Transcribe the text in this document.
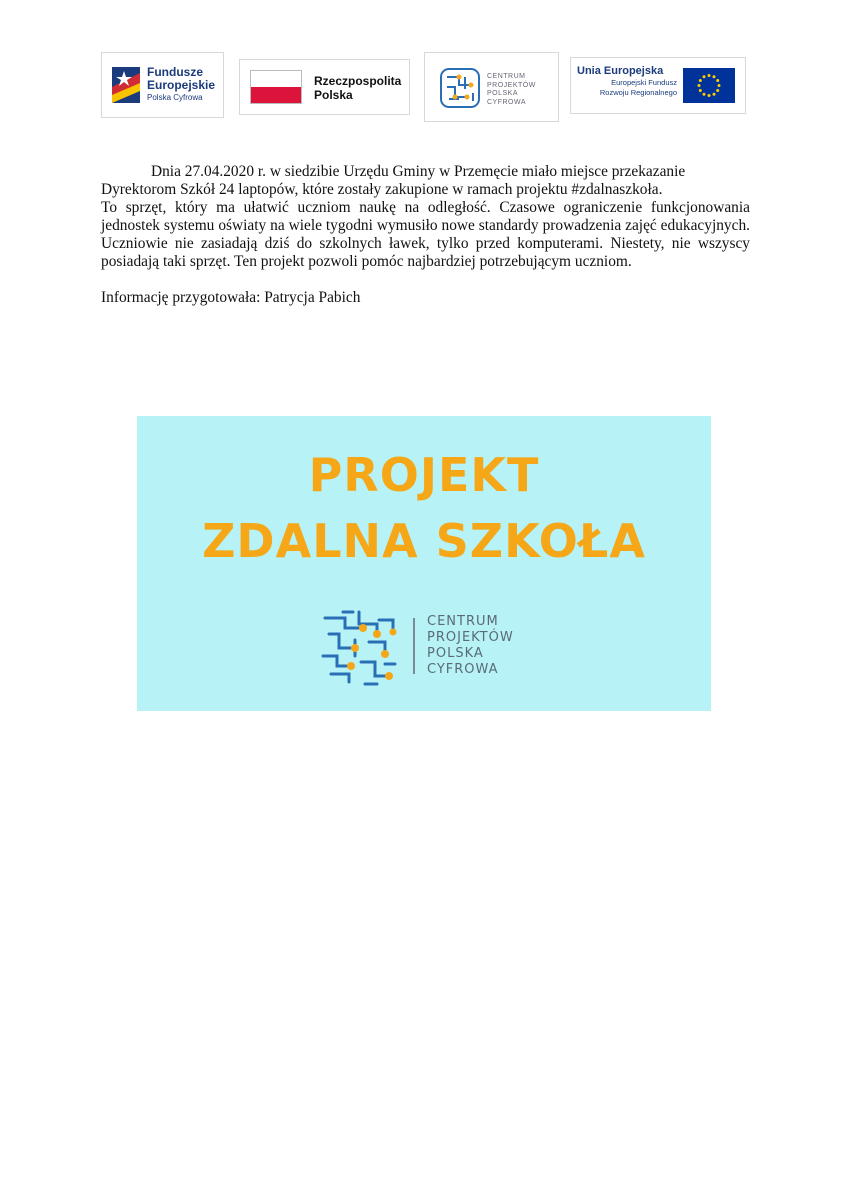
Fundusze
Europejskie
Polska Cyfrowa
Rzeczpospolita
Polska
CENTRUM
PROJEKTÓW
POLSKA
CYFROWA
Unia Europejska
Europejski Fundusz
Rozwoju Regionalnego

Dnia 27.04.2020 r. w siedzibie Urzędu Gminy w Przemęcie miało miejsce przekazanie Dyrektorom Szkół 24 laptopów, które zostały zakupione w ramach projektu #zdalnaszkoła.

To sprzęt, który ma ułatwić uczniom naukę na odległość. Czasowe ograniczenie funkcjonowania jednostek systemu oświaty na wiele tygodni wymusiło nowe standardy prowadzenia zajęć edukacyjnych. Uczniowie nie zasiadają dziś do szkolnych ławek, tylko przed komputerami. Niestety, nie wszyscy posiadają taki sprzęt. Ten projekt pozwoli pomóc najbardziej potrzebującym uczniom.

Informację przygotowała: Patrycja Pabich

PROJEKT
ZDALNA SZKOŁA
CENTRUM
PROJEKTÓW
POLSKA
CYFROWA
